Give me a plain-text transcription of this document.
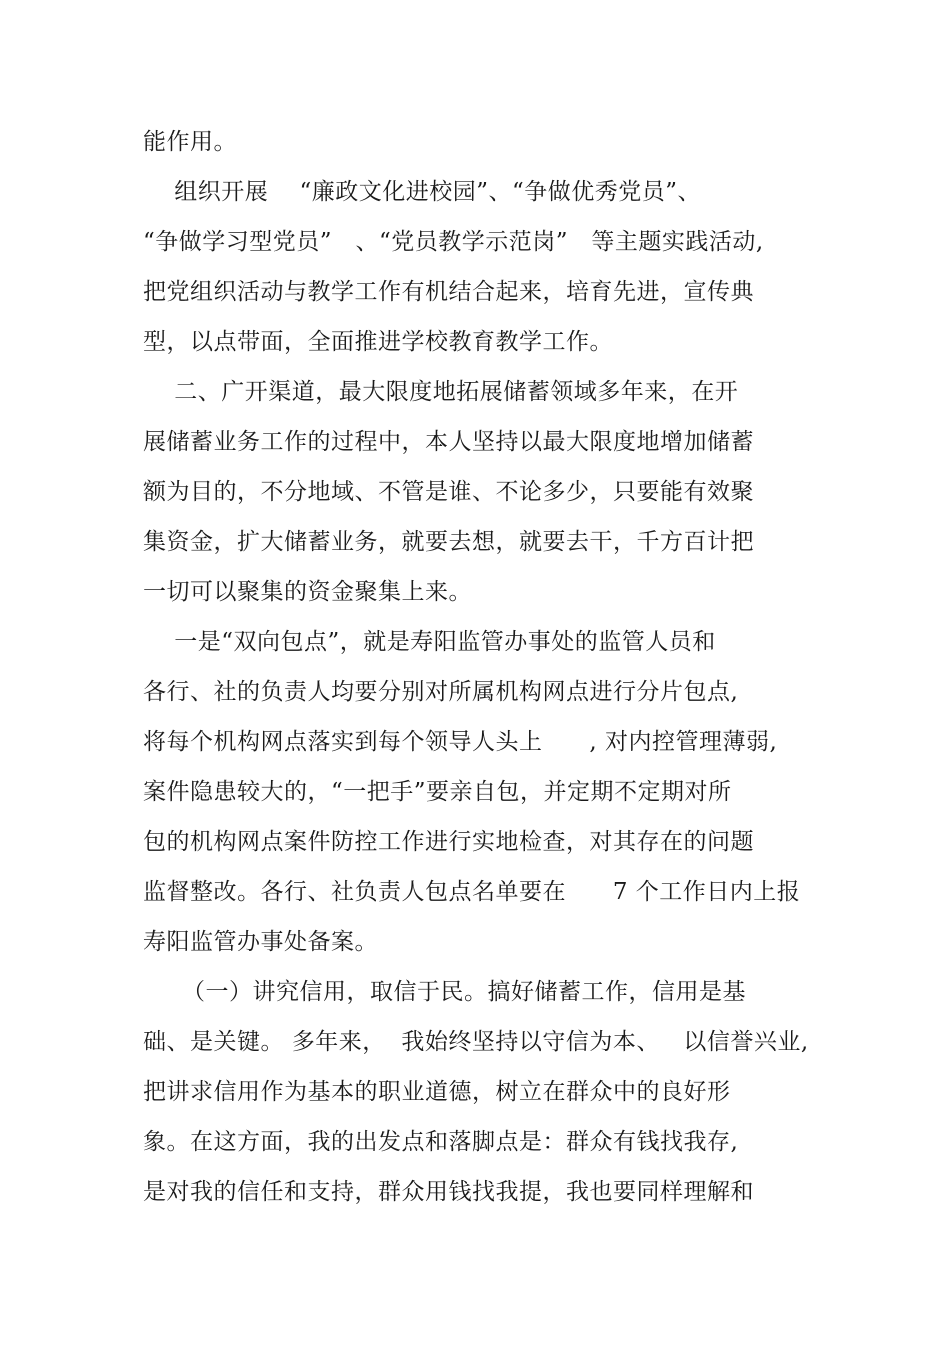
能作用。
组织开展    “廉政文化进校园”、“争做优秀党员”、
“争做学习型党员”   、“党员教学示范岗”   等主题实践活动,
把党组织活动与教学工作有机结合起来，培育先进，宣传典
型，以点带面，全面推进学校教育教学工作。
二、广开渠道，最大限度地拓展储蓄领域多年来，在开
展储蓄业务工作的过程中，本人坚持以最大限度地增加储蓄
额为目的，不分地域、不管是谁、不论多少，只要能有效聚
集资金，扩大储蓄业务，就要去想，就要去干，千方百计把
一切可以聚集的资金聚集上来。
一是“双向包点”，就是寿阳监管办事处的监管人员和
各行、社的负责人均要分别对所属机构网点进行分片包点,
将每个机构网点落实到每个领导人头上      , 对内控管理薄弱,
案件隐患较大的，“一把手”要亲自包，并定期不定期对所
包的机构网点案件防控工作进行实地检查，对其存在的问题
监督整改。各行、社负责人包点名单要在      7 个工作日内上报
寿阳监管办事处备案。
（一）讲究信用，取信于民。搞好储蓄工作，信用是基
础、是关键。 多年来，  我始终坚持以守信为本、   以信誉兴业,
把讲求信用作为基本的职业道德，树立在群众中的良好形
象。在这方面，我的出发点和落脚点是：群众有钱找我存,
是对我的信任和支持，群众用钱找我提，我也要同样理解和
